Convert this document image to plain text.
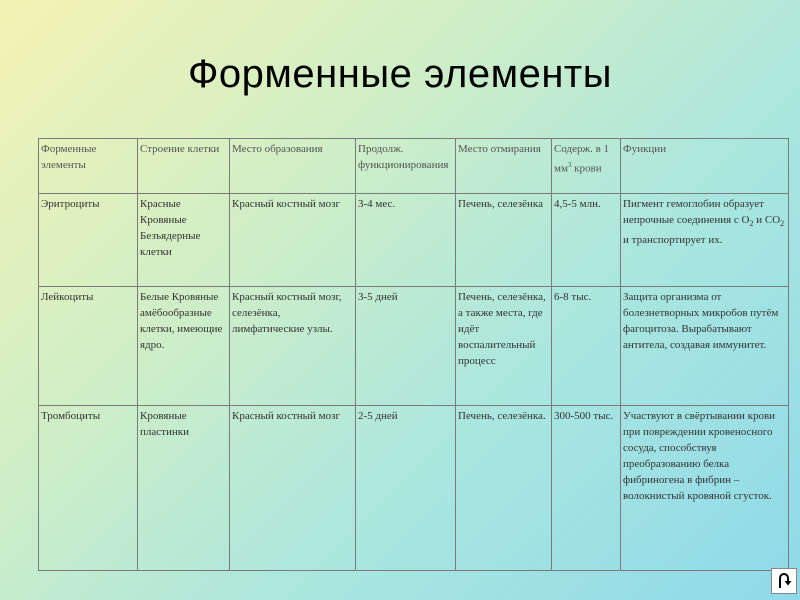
Форменные элементы
Форменные элементы	Строение клетки	Место образования	Продолж. функционирования	Место отмирания	Содерж. в 1 $мм^3$ крови	Функции
Эритроциты	Красные Кровяные Безъядерные клетки	Красный костный мозг	3-4 мес.	Печень, селезёнка	4,5-5 млн.	Пигмент гемоглобин образует непрочные соединения с $O_2$ и $CO_2$ и транспортирует их.
Лейкоциты	Белые Кровяные амёбообразные клетки, имеющие ядро.	Красный костный мозг, селезёнка, лимфатические узлы.	3-5 дней	Печень, селезёнка, а также места, где идёт воспалительный процесс	6-8 тыс.	Защита организма от болезнетворных микробов путём фагоцитоза. Вырабатывают антитела, создавая иммунитет.
Тромбоциты	Кровяные пластинки	Красный костный мозг	2-5 дней	Печень, селезёнка.	300-500 тыс.	Участвуют в свёртывании крови при повреждении кровеносного сосуда, способствуя преобразованию белка фибриногена в фибрин – волокнистый кровяной сгусток.
